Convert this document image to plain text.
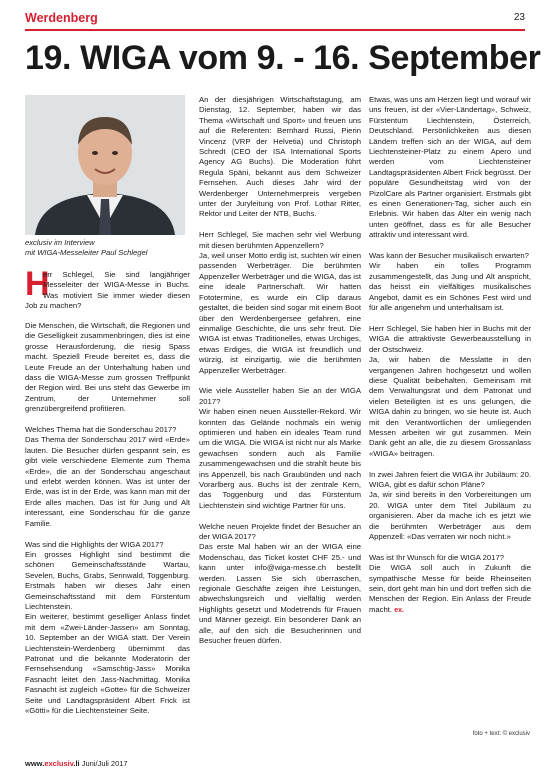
Werdenberg	23
19. WIGA vom 9. - 16. September
exclusiv im Interview
mit WIGA-Messeleiter Paul Schlegel
H

err Schlegel, Sie sind langjähriger Messeleiter der WIGA-Messe in Buchs. Was motiviert Sie immer wieder diesen Job zu machen?

Die Menschen, die Wirtschaft, die Regionen und die Geselligkeit zusammenbringen, dies ist eine grosse Herausforderung, die riesig Spass macht. Speziell Freude bereitet es, dass die Leute Freude an der Unterhaltung haben und dass die WIGA-Messe zum grossen Treffpunkt der Region wird. Bei uns steht das Gewerbe im Zentrum, der Unternehmer soll grenzübergreifend profitieren.

Welches Thema hat die Sonderschau 2017?

Das Thema der Sonderschau 2017 wird «Erde» lauten. Die Besucher dürfen gespannt sein, es gibt viele verschiedene Elemente zum Thema «Erde», die an der Sonderschau angeschaut und erlebt werden können. Was ist unter der Erde, was ist in der Erde, was kann man mit der Erde alles machen. Das ist für Jung und Alt interessant, eine Sonderschau für die ganze Familie.

Was sind die Highlights der WIGA 2017?

Ein grosses Highlight sind bestimmt die schönen Gemeinschaftsstände Wartau, Sevelen, Buchs, Grabs, Sennwald, Toggenburg. Erstmals haben wir dieses Jahr einen Gemeinschaftsstand mit dem Fürstentum Liechtenstein.

Ein weiterer, bestimmt geselliger Anlass findet mit dem «Zwei-Länder-Jassen» am Sonntag, 10. September an der WIGA statt. Der Verein Liechtenstein-Werdenberg übernimmt das Patronat und die bekannte Moderatorin der Fernsehsendung «Samschtig-Jass» Monika Fasnacht leitet den Jass-Nachmittag. Monika Fasnacht ist zugleich «Gotte» für die Schweizer Seite und Landtagspräsident Albert Frick ist «Götti» für die Liechtensteiner Seite.

An der diesjährigen Wirtschaftstagung, am Dienstag, 12. September, haben wir das Thema «Wirtschaft und Sport» und freuen uns auf die Referenten: Bernhard Russi, Pierin Vincenz (VRP der Helvetia) und Christoph Schredt (CEO der ISA International Sports Agency AG Buchs). Die Moderation führt Regula Späni, bekannt aus dem Schweizer Fernsehen. Auch dieses Jahr wird der Werdenberger Unternehmerpreis vergeben unter der Juryleitung von Prof. Lothar Ritter, Rektor und Leiter der NTB, Buchs.

Herr Schlegel, Sie machen sehr viel Werbung mit diesen berühmten Appenzellern?

Ja, weil unser Motto erdig ist, suchten wir einen passenden Werbeträger. Die berühmten Appenzeller Werbeträger und die WIGA, das ist eine ideale Partnerschaft. Wir hatten Fototermine, es wurde ein Clip daraus gestaltet, die beiden sind sogar mit einem Boot über den Werdenbergersee gefahren, eine einmalige Geschichte, die uns sehr freut. Die WIGA ist etwas Traditionelles, etwas Urchiges, etwas Erdiges, die WIGA ist freundlich und würzig, ist einzigartig, wie die berühmten Appenzeller Werbeträger.

Wie viele Aussteller haben Sie an der WIGA 2017?

Wir haben einen neuen Aussteller-Rekord. Wir konnten das Gelände nochmals ein wenig optimieren und haben ein ideales Team rund um die WIGA. Die WIGA ist nicht nur als Marke gewachsen sondern auch als Familie zusammengewachsen und die strahlt heute bis ins Appenzell, bis nach Graubünden und nach Vorarlberg aus. Buchs ist der zentrale Kern, das Toggenburg und das Fürstentum Liechtenstein sind wichtige Partner für uns.

Welche neuen Projekte findet der Besucher an der WIGA 2017?

Das erste Mal haben wir an der WIGA eine Modenschau, das Ticket kostet CHF 25.- und kann unter info@wiga-messe.ch bestellt werden. Lassen Sie sich überraschen, regionale Geschäfte zeigen ihre Leistungen, abwechslungsreich und vielfältig werden Highlights gesetzt und Modetrends für Frauen und Männer gezeigt. Ein besonderer Dank an alle, auf den sich die Besucherinnen und Besucher freuen dürfen.

Etwas, was uns am Herzen liegt und worauf wir uns freuen, ist der «Vier-Ländertag», Schweiz, Fürstentum Liechtenstein, Österreich, Deutschland. Persönlichkeiten aus diesen Ländern treffen sich an der WIGA, auf dem Liechtensteiner-Platz zu einem Apero und werden vom Liechtensteiner Landtagspräsidenten Albert Frick begrüsst. Der populäre Gesundheitstag wird von der PizolCare als Partner organisiert. Erstmals gibt es einen Generationen-Tag, sicher auch ein Erlebnis. Wir haben das Alter ein wenig nach unten geöffnet, dass es für alle Besucher attraktiv und interessant wird.

Was kann der Besucher musikalisch erwarten?

Wir haben ein tolles Programm zusammengestellt, das Jung und Alt anspricht, das heisst ein vielfältiges musikalisches Angebot, damit es ein Schönes Fest wird und für alle angenehm und unterhaltsam ist.

Herr Schlegel, Sie haben hier in Buchs mit der WIGA die attraktivste Gewerbeausstellung in der Ostschweiz.

Ja, wir haben die Messlatte in den vergangenen Jahren hochgesetzt und wollen diese Qualität beibehalten. Gemeinsam mit dem Verwaltungsrat und dem Patronat und vielen Beteiligten ist es uns gelungen, die WIGA dahin zu bringen, wo sie heute ist. Auch mit den Verantwortlichen der umliegenden Messen arbeiten wir gut zusammen. Mein Dank geht an alle, die zu diesem Grossanlass «WIGA» beitragen.

In zwei Jahren feiert die WIGA ihr Jubiläum: 20. WIGA, gibt es dafür schon Pläne?

Ja, wir sind bereits in den Vorbereitungen um 20. WIGA unter dem Titel Jubiläum zu organisieren. Aber da mache ich es jetzt wie die berühmten Werbeträger aus dem Appenzell: «Das verraten wir noch nicht.»

Was ist Ihr Wunsch für die WIGA 2017?

Die WIGA soll auch in Zukunft die sympathische Messe für beide Rheinseiten sein, dort geht man hin und dort treffen sich die Menschen der Region. Ein Anlass der Freude macht. ex.

foto + text: © exclusiv
www.exclusiv.li Juni/Juli 2017
